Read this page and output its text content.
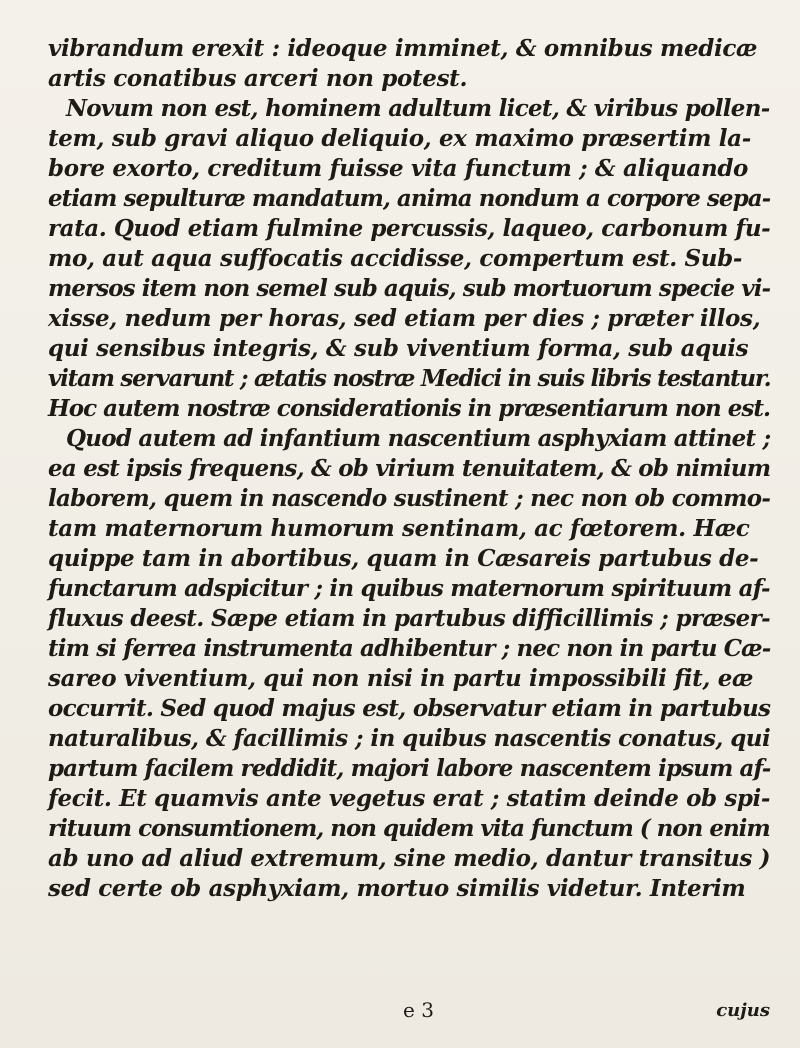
vibrandum erexit : ideoque imminet, & omnibus medicæ
artis conatibus arceri non potest.
Novum non est, hominem adultum licet, & viribus pollen-
tem, sub gravi aliquo deliquio, ex maximo præsertim la-
bore exorto, creditum fuisse vita functum ; & aliquando
etiam sepulturæ mandatum, anima nondum a corpore sepa-
rata. Quod etiam fulmine percussis, laqueo, carbonum fu-
mo, aut aqua suffocatis accidisse, compertum est. Sub-
mersos item non semel sub aquis, sub mortuorum specie vi-
xisse, nedum per horas, sed etiam per dies ; præter illos,
qui sensibus integris, & sub viventium forma, sub aquis
vitam servarunt ; ætatis nostræ Medici in suis libris testantur.
Hoc autem nostræ considerationis in præsentiarum non est.
Quod autem ad infantium nascentium asphyxiam attinet ;
ea est ipsis frequens, & ob virium tenuitatem, & ob nimium
laborem, quem in nascendo sustinent ; nec non ob commo-
tam maternorum humorum sentinam, ac fœtorem. Hæc
quippe tam in abortibus, quam in Cæsareis partubus de-
functarum adspicitur ; in quibus maternorum spirituum af-
fluxus deest. Sæpe etiam in partubus difficillimis ; præser-
tim si ferrea instrumenta adhibentur ; nec non in partu Cæ-
sareo viventium, qui non nisi in partu impossibili fit, eæ
occurrit. Sed quod majus est, observatur etiam in partubus
naturalibus, & facillimis ; in quibus nascentis conatus, qui
partum facilem reddidit, majori labore nascentem ipsum af-
fecit. Et quamvis ante vegetus erat ; statim deinde ob spi-
rituum consumtionem, non quidem vita functum ( non enim
ab uno ad aliud extremum, sine medio, dantur transitus )
sed certe ob asphyxiam, mortuo similis videtur. Interim
e 3	cujus
